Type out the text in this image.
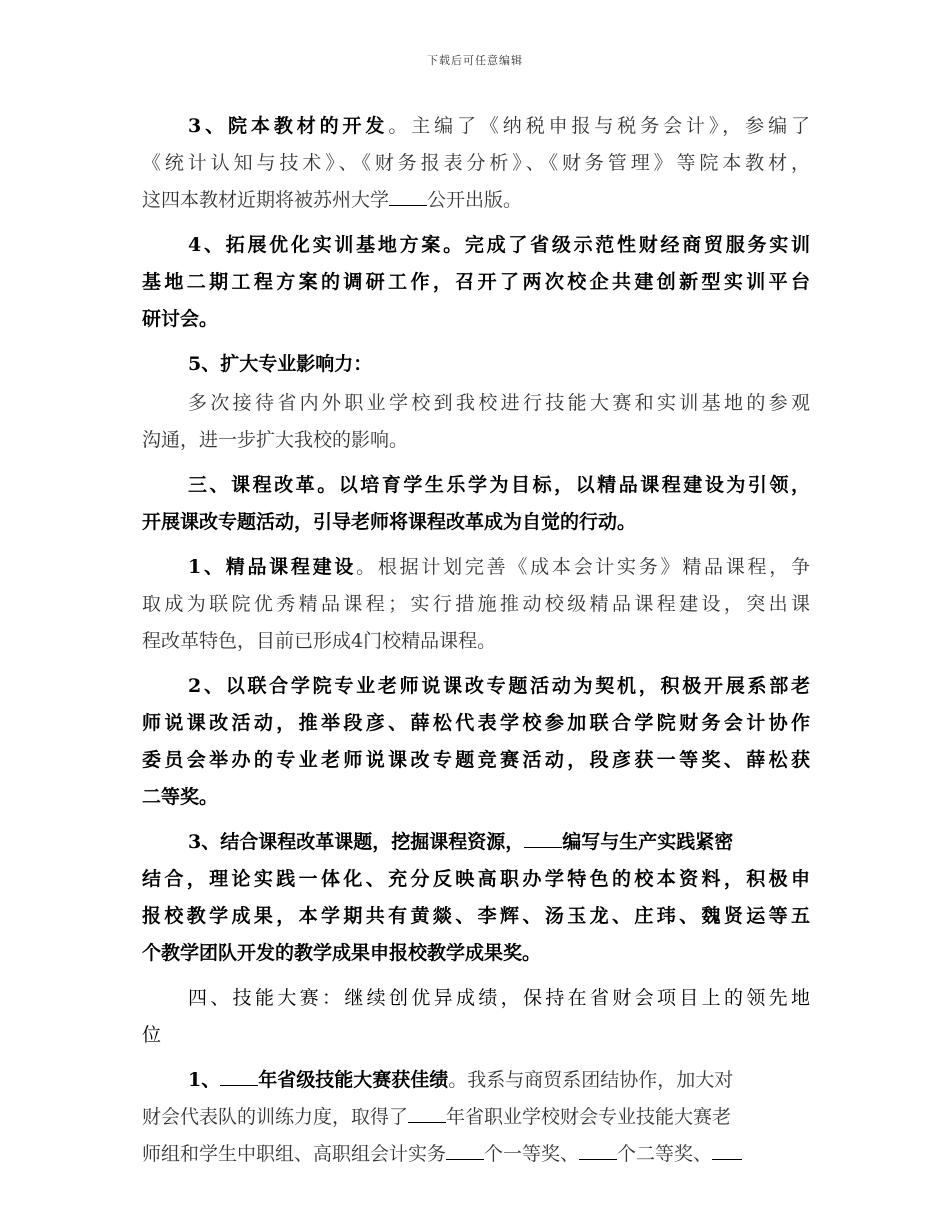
下载后可任意编辑
3、院本教材的开发。主编了《纳税申报与税务会计》，参编了
《统计认知与技术》、《财务报表分析》、《财务管理》等院本教材，
这四本教材近期将被苏州大学 公开出版。
4、拓展优化实训基地方案。完成了省级示范性财经商贸服务实训
基地二期工程方案的调研工作，召开了两次校企共建创新型实训平台
研讨会。
5、扩大专业影响力：
多次接待省内外职业学校到我校进行技能大赛和实训基地的参观
沟通，进一步扩大我校的影响。
三、课程改革。以培育学生乐学为目标，以精品课程建设为引领，
开展课改专题活动，引导老师将课程改革成为自觉的行动。
1、精品课程建设。根据计划完善《成本会计实务》精品课程，争
取成为联院优秀精品课程；实行措施推动校级精品课程建设，突出课
程改革特色，目前已形成4门校精品课程。
2、以联合学院专业老师说课改专题活动为契机，积极开展系部老
师说课改活动，推举段彦、薛松代表学校参加联合学院财务会计协作
委员会举办的专业老师说课改专题竞赛活动，段彦获一等奖、薛松获
二等奖。
3、结合课程改革课题，挖掘课程资源， 编写与生产实践紧密
结合，理论实践一体化、充分反映高职办学特色的校本资料，积极申
报校教学成果，本学期共有黄燚、李辉、汤玉龙、庄玮、魏贤运等五
个教学团队开发的教学成果申报校教学成果奖。
四、技能大赛：继续创优异成绩，保持在省财会项目上的领先地
位
1、 年省级技能大赛获佳绩。我系与商贸系团结协作，加大对
财会代表队的训练力度，取得了 年省职业学校财会专业技能大赛老
师组和学生中职组、高职组会计实务 个一等奖、 个二等奖、
